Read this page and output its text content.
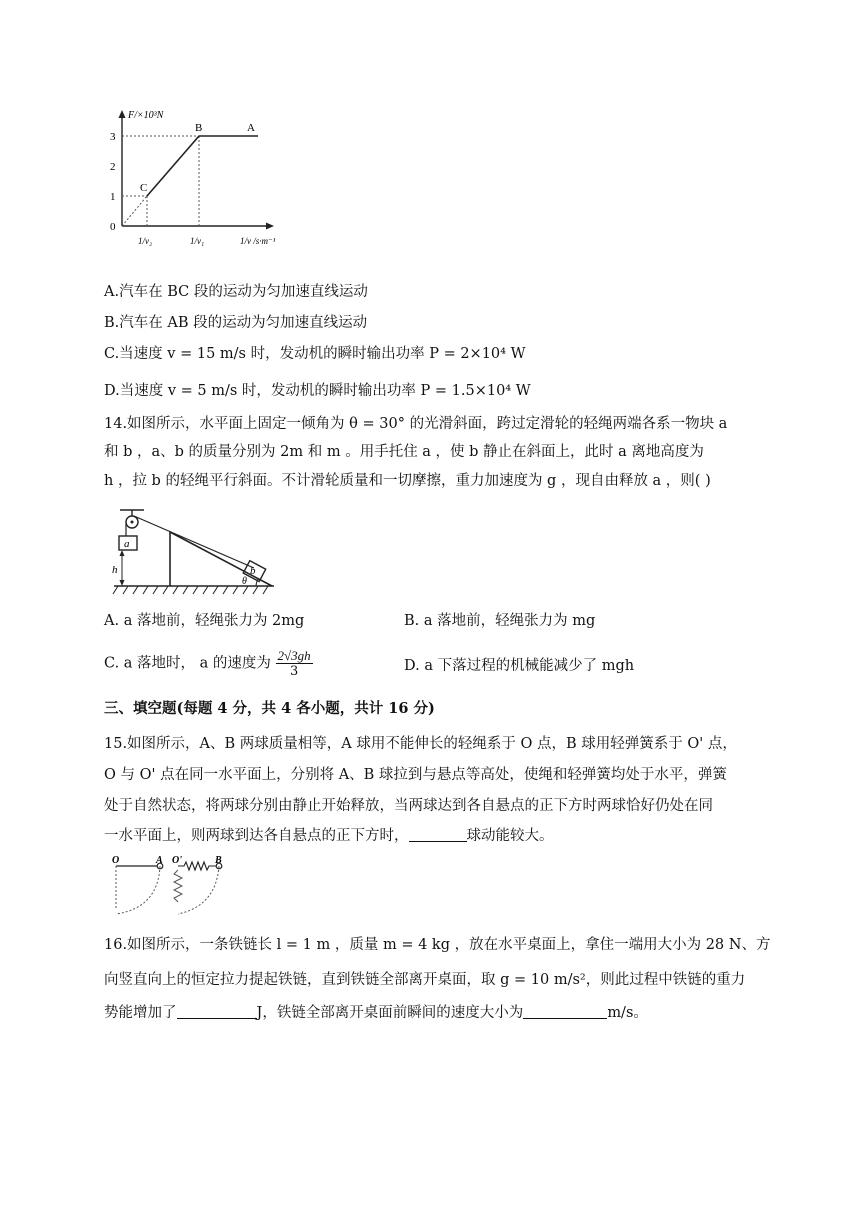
3
2
1
0
F/×10³N
1/v /s·m⁻¹
1/v₂	1/v₁
B	A
C
A.汽车在 BC 段的运动为匀加速直线运动
B.汽车在 AB 段的运动为匀加速直线运动
C.当速度 v = 15 m/s 时，发动机的瞬时输出功率 P = 2×10⁴ W
D.当速度 v = 5 m/s 时，发动机的瞬时输出功率 P = 1.5×10⁴ W
14.如图所示，水平面上固定一倾角为 θ = 30° 的光滑斜面，跨过定滑轮的轻绳两端各系一物块 a
和 b ，a、b 的质量分别为 2m 和 m 。用手托住 a ，使 b 静止在斜面上，此时 a 离地高度为
h ，拉 b 的轻绳平行斜面。不计滑轮质量和一切摩擦，重力加速度为 g ，现自由释放 a ，则( )
a
h	b
θ
A. a 落地前，轻绳张力为 2mg	B. a 落地前，轻绳张力为 mg
C. a 落地时， a 的速度为 $\frac{2√3gh}{3}$	D. a 下落过程的机械能减少了 mgh
三、填空题(每题 4 分，共 4 各小题，共计 16 分)
15.如图所示，A、B 两球质量相等，A 球用不能伸长的轻绳系于 O 点，B 球用轻弹簧系于 O' 点，
O 与 O' 点在同一水平面上，分别将 A、B 球拉到与悬点等高处，使绳和轻弹簧均处于水平，弹簧
处于自然状态，将两球分别由静止开始释放，当两球达到各自悬点的正下方时两球恰好仍处在同
一水平面上，则两球到达各自悬点的正下方时，	球动能较大。
O	A O'	B
16.如图所示，一条铁链长 l = 1 m ，质量 m = 4 kg ，放在水平桌面上，拿住一端用大小为 28 N、方
向竖直向上的恒定拉力提起铁链，直到铁链全部离开桌面，取 g = 10 m/s²，则此过程中铁链的重力
势能增加了	J，铁链全部离开桌面前瞬间的速度大小为	m/s。
